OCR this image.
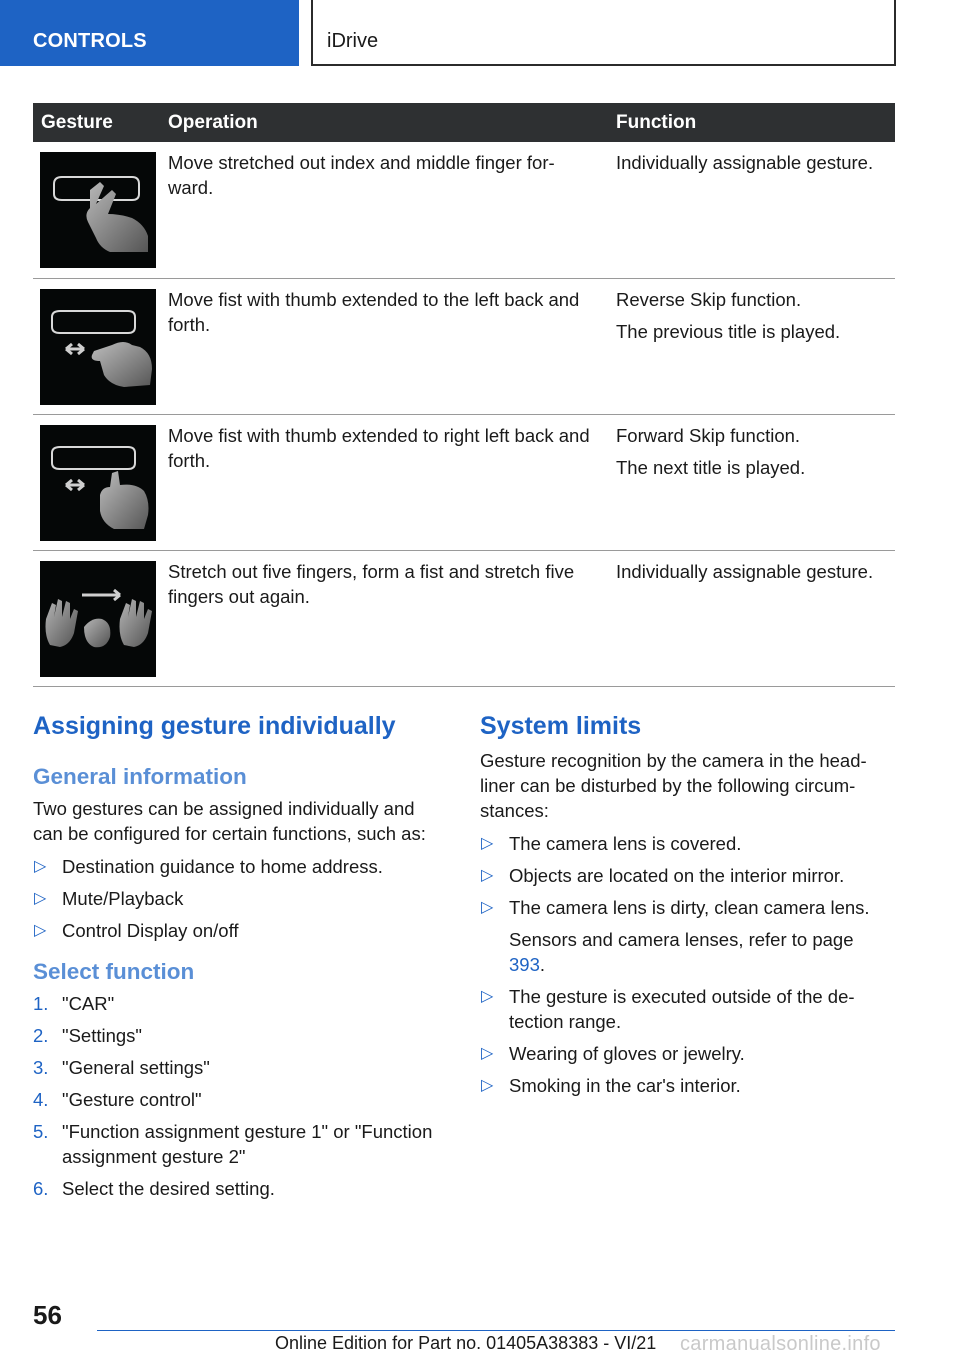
CONTROLS	iDrive
Gesture	Operation	Function

	Move stretched out index and middle finger for-ward.	Individually assignable gesture.

	Move fist with thumb extended to the left back and forth.	Reverse Skip function.
The previous title is played.

	Move fist with thumb extended to right left back and forth.	Forward Skip function.
The next title is played.

	Stretch out five fingers, form a fist and stretch five fingers out again.	Individually assignable gesture.
Assigning gesture individually
General information

Two gestures can be assigned individually and can be configured for certain functions, such as:

▷ Destination guidance to home address.
▷ Mute/Playback
▷ Control Display on/off
Select function
1. "CAR"
2. "Settings"
3. "General settings"
4. "Gesture control"
5. "Function assignment gesture 1" or "Function assignment gesture 2"
6. Select the desired setting.
System limits

Gesture recognition by the camera in the head-liner can be disturbed by the following circum-stances:

▷ The camera lens is covered.
▷ Objects are located on the interior mirror.
▷ The camera lens is dirty, clean camera lens.
Sensors and camera lenses, refer to page 393.
▷ The gesture is executed outside of the de-tection range.
▷ Wearing of gloves or jewelry.
▷ Smoking in the car's interior.
56
Online Edition for Part no. 01405A38383 - VI/21 carmanualsonline.info
